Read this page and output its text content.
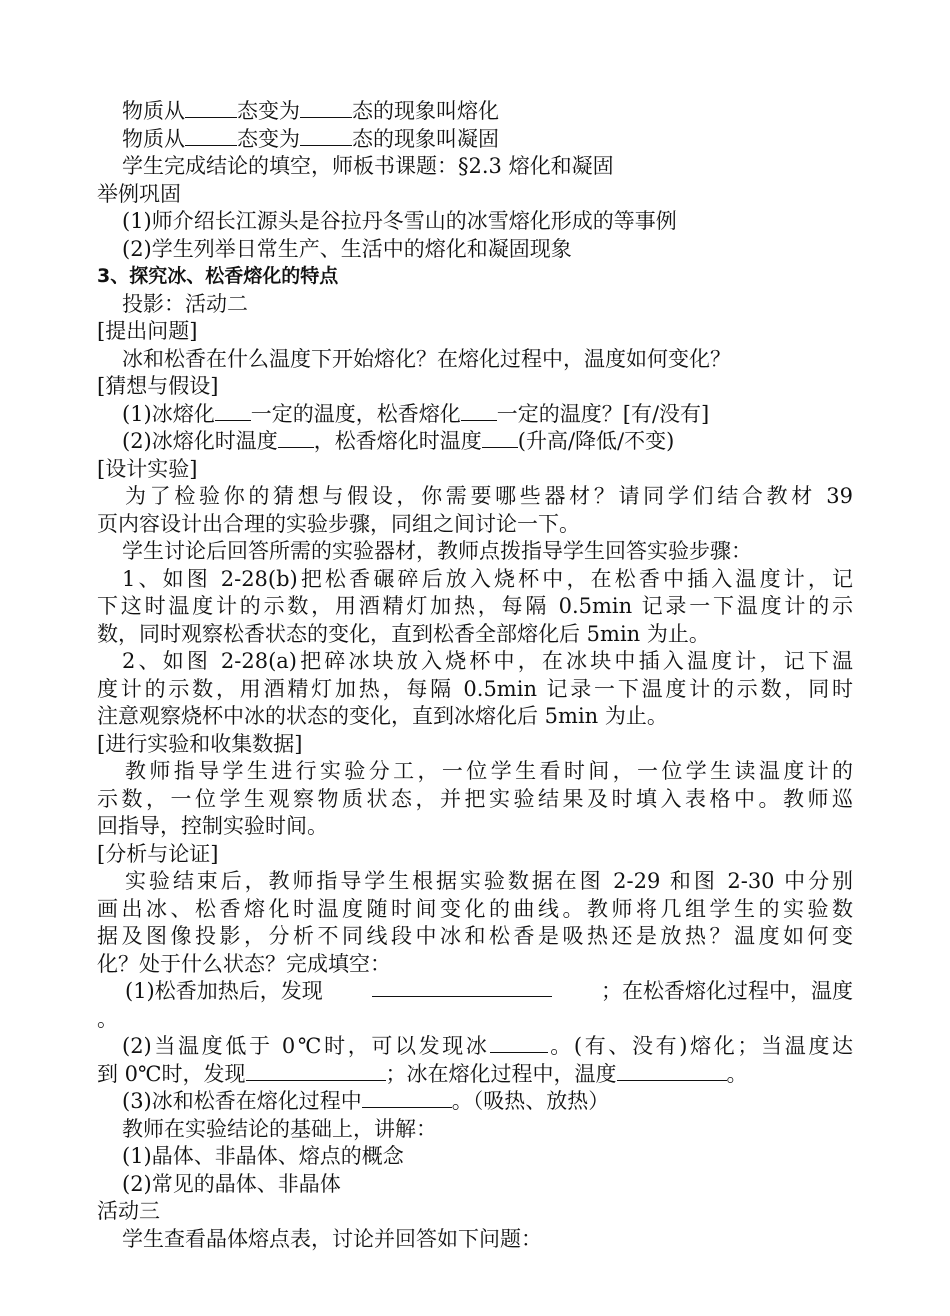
物质从 态变为 态的现象叫熔化
物质从 态变为 态的现象叫凝固
学生完成结论的填空，师板书课题：§2.3 熔化和凝固
举例巩固
(1)师介绍长江源头是谷拉丹冬雪山的冰雪熔化形成的等事例
(2)学生列举日常生产、生活中的熔化和凝固现象
3、探究冰、松香熔化的特点
投影：活动二
[提出问题]
冰和松香在什么温度下开始熔化？在熔化过程中，温度如何变化？
[猜想与假设]
(1)冰熔化 一定的温度，松香熔化 一定的温度？[有/没有]
(2)冰熔化时温度 ，松香熔化时温度 (升高/降低/不变)
[设计实验]
为了检验你的猜想与假设，你需要哪些器材？请同学们结合教材 39
页内容设计出合理的实验步骤，同组之间讨论一下。
学生讨论后回答所需的实验器材，教师点拨指导学生回答实验步骤：
1、如图 2-28(b)把松香碾碎后放入烧杯中，在松香中插入温度计，记
下这时温度计的示数，用酒精灯加热，每隔 0.5min 记录一下温度计的示
数，同时观察松香状态的变化，直到松香全部熔化后 5min 为止。
2、如图 2-28(a)把碎冰块放入烧杯中，在冰块中插入温度计，记下温
度计的示数，用酒精灯加热，每隔 0.5min 记录一下温度计的示数，同时
注意观察烧杯中冰的状态的变化，直到冰熔化后 5min 为止。
[进行实验和收集数据]
教师指导学生进行实验分工，一位学生看时间，一位学生读温度计的
示数，一位学生观察物质状态，并把实验结果及时填入表格中。教师巡
回指导，控制实验时间。
[分析与论证]
实验结束后，教师指导学生根据实验数据在图 2-29 和图 2-30 中分别
画出冰、松香熔化时温度随时间变化的曲线。教师将几组学生的实验数
据及图像投影，分析不同线段中冰和松香是吸热还是放热？温度如何变
化？处于什么状态？完成填空：
(1)松香加热后，发现	；在松香熔化过程中，温度
。
(2)当温度低于 0℃时，可以发现冰	。(有、没有)熔化；当温度达
到 0℃时，发现	；冰在熔化过程中，温度	。
(3)冰和松香在熔化过程中	。（吸热、放热）
教师在实验结论的基础上，讲解：
(1)晶体、非晶体、熔点的概念
(2)常见的晶体、非晶体
活动三
学生查看晶体熔点表，讨论并回答如下问题：
